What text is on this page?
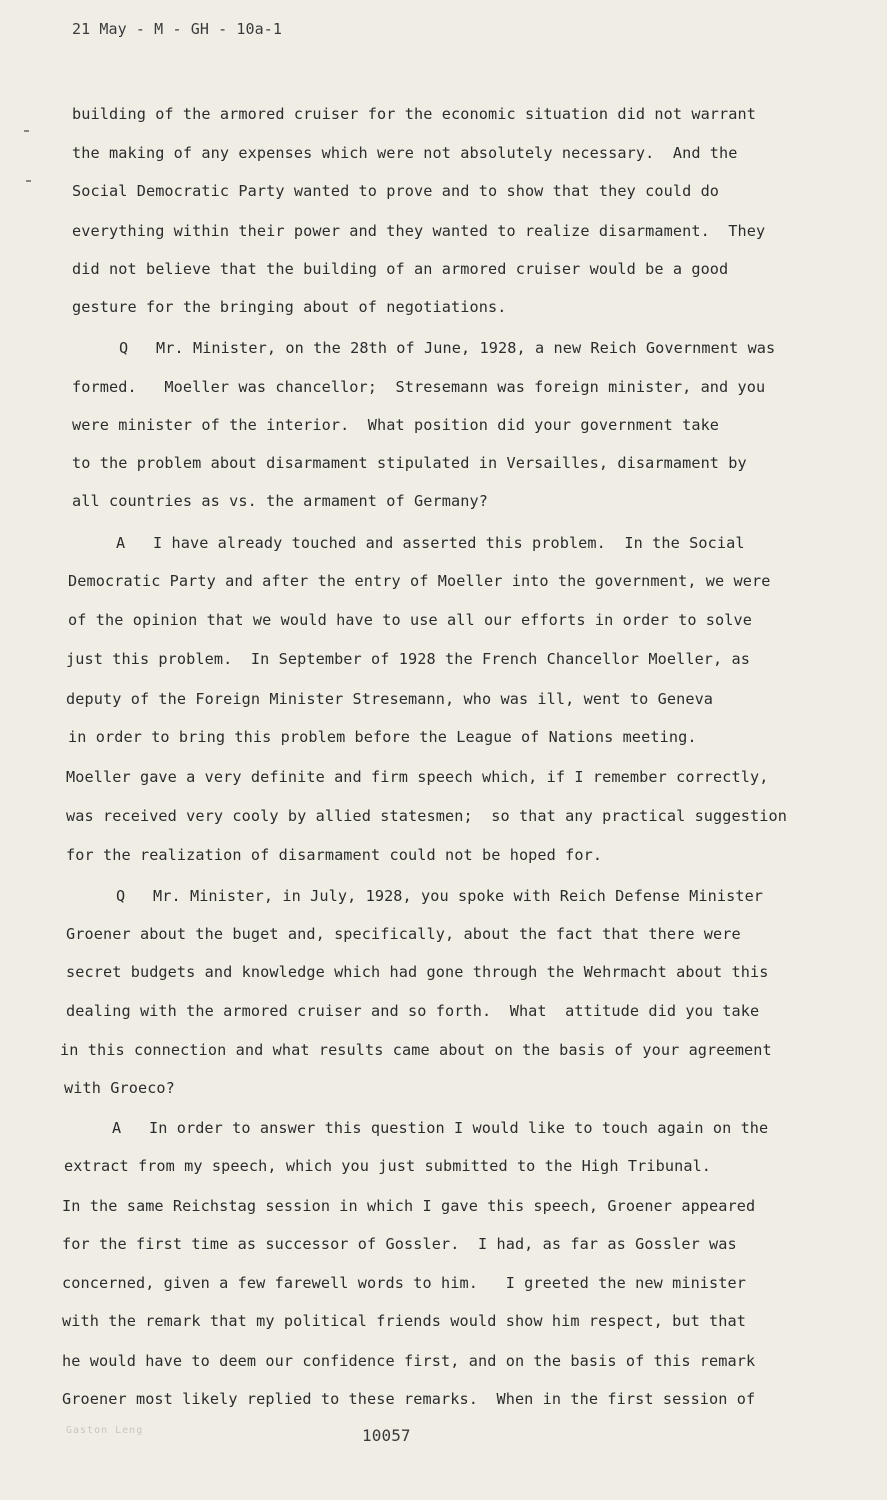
21 May - M - GH - 10a-1
building of the armored cruiser for the economic situation did not warrant
the making of any expenses which were not absolutely necessary.  And the
Social Democratic Party wanted to prove and to show that they could do
everything within their power and they wanted to realize disarmament.  They
did not believe that the building of an armored cruiser would be a good
gesture for the bringing about of negotiations.
Q   Mr. Minister, on the 28th of June, 1928, a new Reich Government was
formed.   Moeller was chancellor;  Stresemann was foreign minister, and you
were minister of the interior.  What position did your government take
to the problem about disarmament stipulated in Versailles, disarmament by
all countries as vs. the armament of Germany?
A   I have already touched and asserted this problem.  In the Social
Democratic Party and after the entry of Moeller into the government, we were
of the opinion that we would have to use all our efforts in order to solve
just this problem.  In September of 1928 the French Chancellor Moeller, as
deputy of the Foreign Minister Stresemann, who was ill, went to Geneva
in order to bring this problem before the League of Nations meeting.
Moeller gave a very definite and firm speech which, if I remember correctly,
was received very cooly by allied statesmen;  so that any practical suggestion
for the realization of disarmament could not be hoped for.
Q   Mr. Minister, in July, 1928, you spoke with Reich Defense Minister
Groener about the buget and, specifically, about the fact that there were
secret budgets and knowledge which had gone through the Wehrmacht about this
dealing with the armored cruiser and so forth.  What  attitude did you take
in this connection and what results came about on the basis of your agreement
with Groeco?
A   In order to answer this question I would like to touch again on the
extract from my speech, which you just submitted to the High Tribunal.
In the same Reichstag session in which I gave this speech, Groener appeared
for the first time as successor of Gossler.  I had, as far as Gossler was
concerned, given a few farewell words to him.   I greeted the new minister
with the remark that my political friends would show him respect, but that
he would have to deem our confidence first, and on the basis of this remark
Groener most likely replied to these remarks.  When in the first session of
Gaston Leng	10057
